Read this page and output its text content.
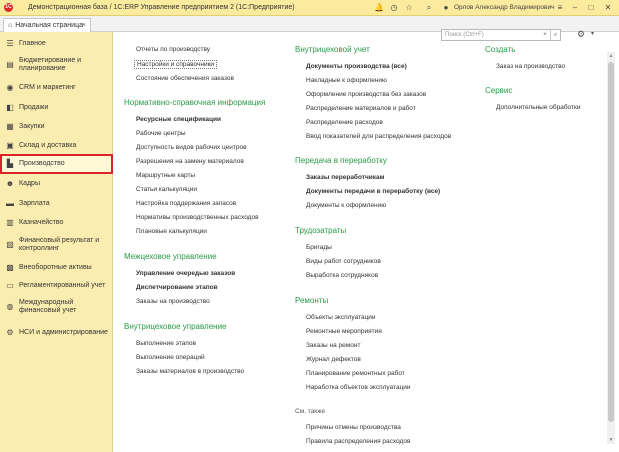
1С	Демонстрационная база / 1С:ERP Управление предприятием 2 (1С:Предприятие)	🔔 ◷ ☆	⌕	● Орлов Александр Владимирович ≡	–	□	✕
⌂ Начальная страница
×
☰ Главное
▤ Бюджетирование и планирование
◉ CRM и маркетинг
◧ Продажи
▦ Закупки
▣ Склад и доставка
▙ Производство
☻ Кадры
▬ Зарплата
▥ Казначейство
▧ Финансовый результат и контроллинг
▩ Внеоборотные активы
▭ Регламентированный учет
◍ Международный финансовый учет
⚙ НСИ и администрирование
Поиск (Ctrl+F)	×	⌕	⚙ ▾
Отчеты по производству
Настройки и справочники
Состояние обеспечения заказов
Нормативно-справочная информация
Ресурсные спецификации
Рабочие центры
Доступность видов рабочих центров
Разрешения на замену материалов
Маршрутные карты
Статьи калькуляции
Настройка поддержания запасов
Нормативы производственных расходов
Плановые калькуляции
Межцеховое управление
Управление очередью заказов
Диспетчирование этапов
Заказы на производство
Внутрицеховое управление
Выполнение этапов
Выполнение операций
Заказы материалов в производство
Внутрицеховой учет
Документы производства (все)
Накладные к оформлению
Оформление производства без заказов
Распределение материалов и работ
Распределение расходов
Ввод показателей для распределения расходов
Передача в переработку
Заказы переработчикам
Документы передачи в переработку (все)
Документы к оформлению
Трудозатраты
Бригады
Виды работ сотрудников
Выработка сотрудников
Ремонты
Объекты эксплуатации
Ремонтные мероприятия
Заказы на ремонт
Журнал дефектов
Планирование ремонтных работ
Наработка объектов эксплуатации
См. также
Причины отмены производства
Правила распределения расходов
Создать
Заказ на производство
Сервис
Дополнительные обработки
▲
▼
